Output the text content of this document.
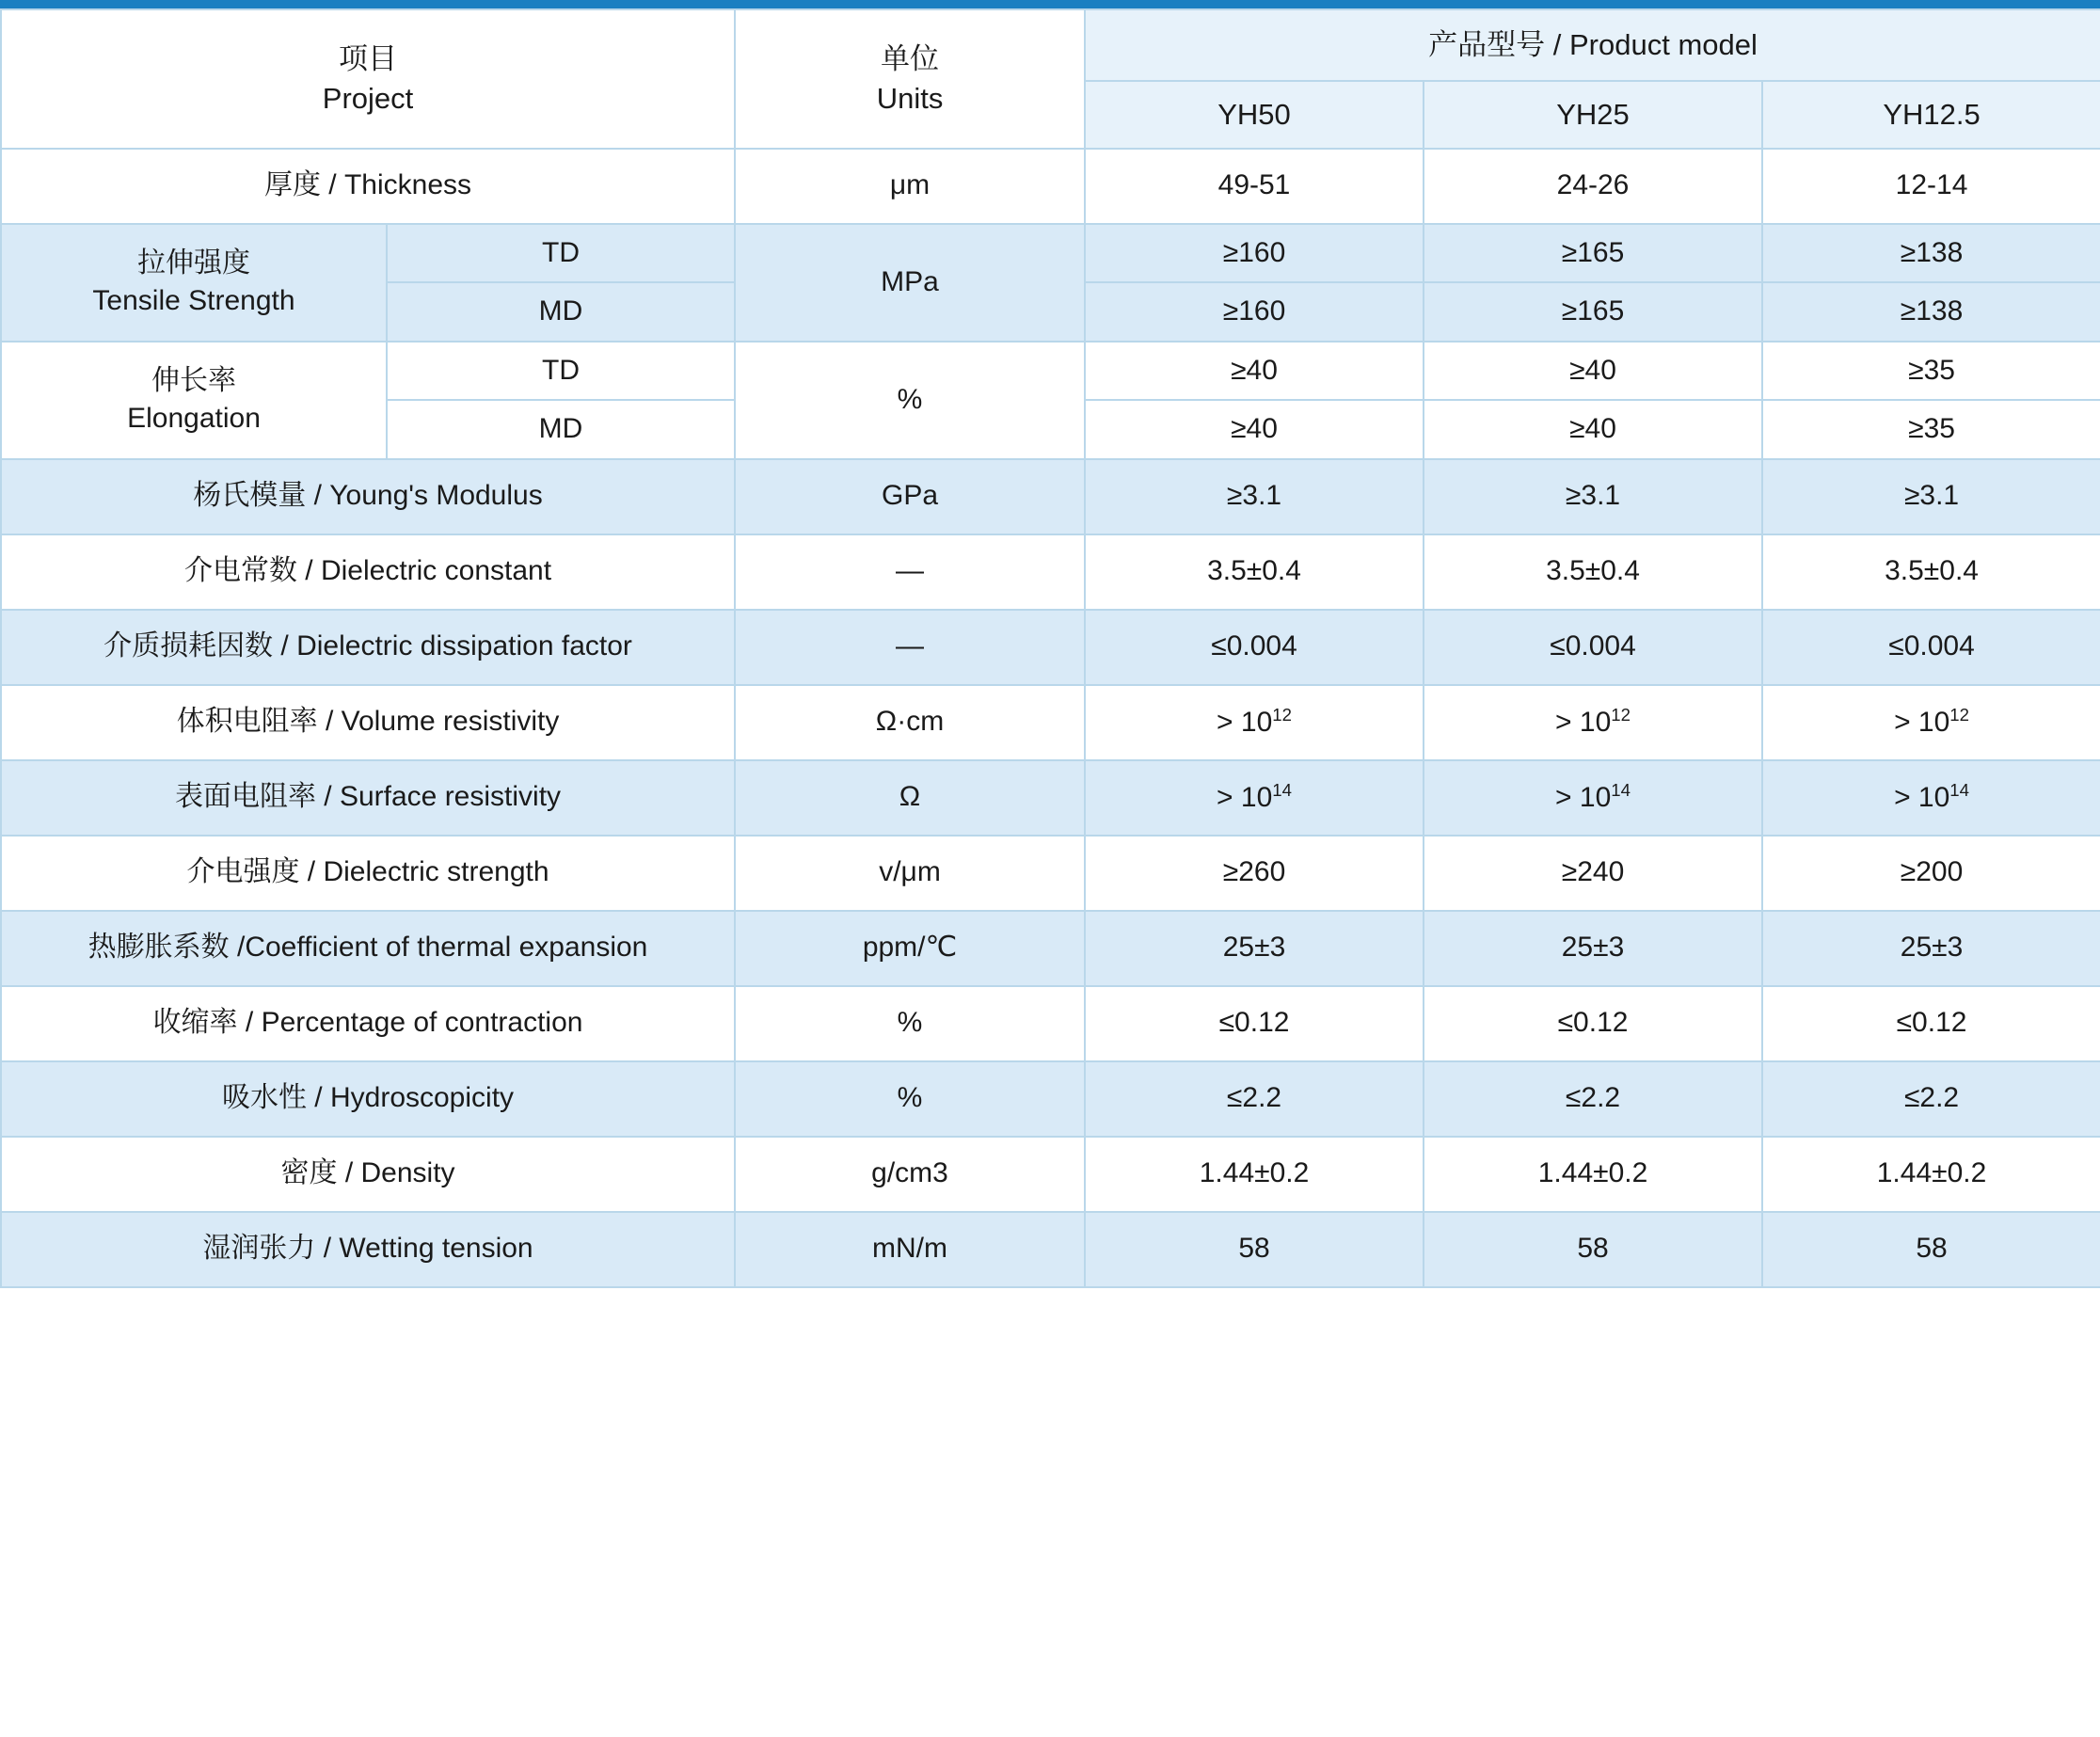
项目
Project		单位
Units	产品型号 / Product model		
			YH50	YH25	YH12.5
厚度 / Thickness		μm	49-51	24-26	12-14

拉伸强度
Tensile Strength	TD	MPa	≥160	≥165	≥138
	MD		≥160	≥165	≥138

伸长率
Elongation	TD	%	≥40	≥40	≥35
	MD		≥40	≥40	≥35
杨氏模量 / Young's Modulus		GPa	≥3.1	≥3.1	≥3.1
介电常数 / Dielectric constant		—	3.5±0.4	3.5±0.4	3.5±0.4
介质损耗因数 / Dielectric dissipation factor		—	≤0.004	≤0.004	≤0.004
体积电阻率 / Volume resistivity		Ω·cm	> $10^{12}$	> $10^{12}$	> $10^{12}$
表面电阻率 / Surface resistivity		Ω	> $10^{14}$	> $10^{14}$	> $10^{14}$
介电强度 / Dielectric strength		v/μm	≥260	≥240	≥200
热膨胀系数 /Coefficient of thermal expansion		ppm/℃	25±3	25±3	25±3
收缩率 / Percentage of contraction		%	≤0.12	≤0.12	≤0.12
吸水性 / Hydroscopicity		%	≤2.2	≤2.2	≤2.2
密度 / Density		g/cm3	1.44±0.2	1.44±0.2	1.44±0.2
湿润张力 / Wetting tension		mN/m	58	58	58
